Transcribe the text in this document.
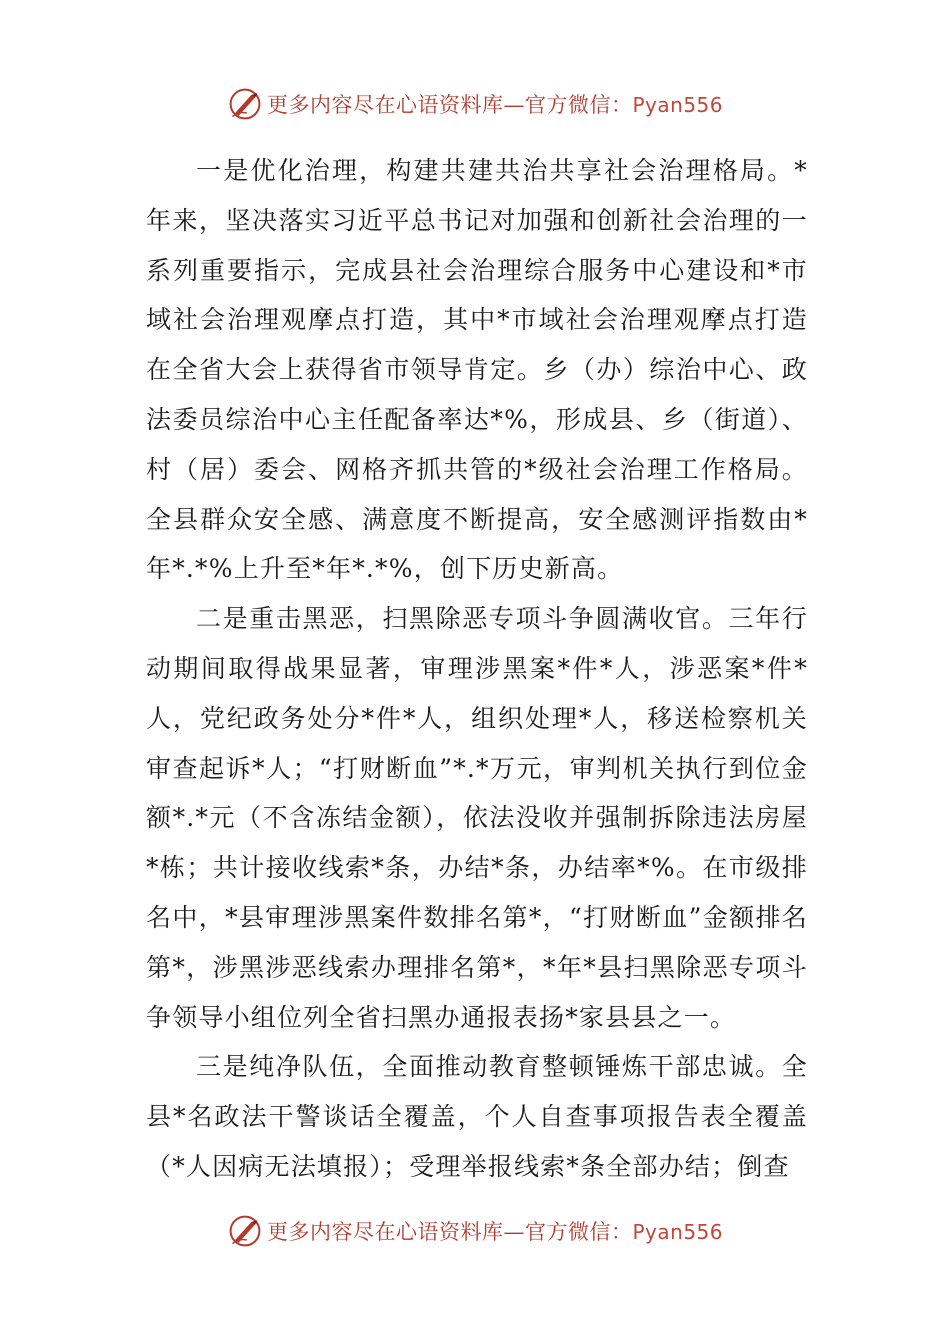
更多内容尽在心语资料库—官方微信：Pyan556

一是优化治理，构建共建共治共享社会治理格局。*年来，坚决落实习近平总书记对加强和创新社会治理的一系列重要指示，完成县社会治理综合服务中心建设和*市域社会治理观摩点打造，其中*市域社会治理观摩点打造在全省大会上获得省市领导肯定。乡（办）综治中心、政法委员综治中心主任配备率达*%，形成县、乡（街道）、村（居）委会、网格齐抓共管的*级社会治理工作格局。全县群众安全感、满意度不断提高，安全感测评指数由*年*.*%上升至*年*.*%，创下历史新高。

二是重击黑恶，扫黑除恶专项斗争圆满收官。三年行动期间取得战果显著，审理涉黑案*件*人，涉恶案*件*人，党纪政务处分*件*人，组织处理*人，移送检察机关审查起诉*人；“打财断血”*.*万元，审判机关执行到位金额*.*元（不含冻结金额），依法没收并强制拆除违法房屋*栋；共计接收线索*条，办结*条，办结率*%。在市级排名中，*县审理涉黑案件数排名第*，“打财断血”金额排名第*，涉黑涉恶线索办理排名第*，*年*县扫黑除恶专项斗争领导小组位列全省扫黑办通报表扬*家县县之一。

三是纯净队伍，全面推动教育整顿锤炼干部忠诚。全县*名政法干警谈话全覆盖，个人自查事项报告表全覆盖（*人因病无法填报）；受理举报线索*条全部办结；倒查

更多内容尽在心语资料库—官方微信：Pyan556
